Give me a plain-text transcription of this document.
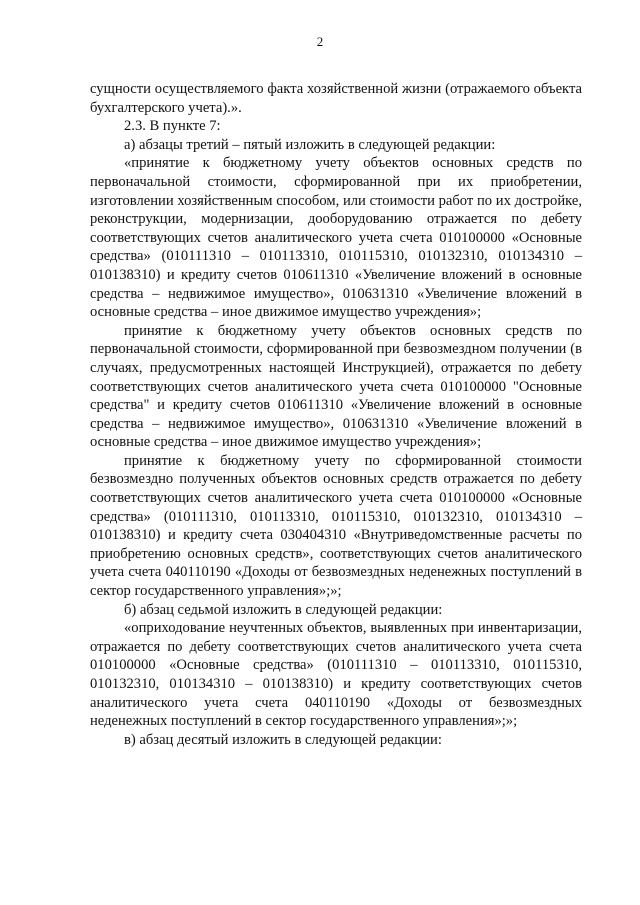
2

сущности осуществляемого факта хозяйственной жизни (отражаемого объекта бухгалтерского учета).».

2.3. В пункте 7:

а) абзацы третий – пятый изложить в следующей редакции:

«принятие к бюджетному учету объектов основных средств по первоначальной стоимости, сформированной при их приобретении, изготовлении хозяйственным способом, или стоимости работ по их достройке, реконструкции, модернизации, дооборудованию отражается по дебету соответствующих счетов аналитического учета счета 010100000 «Основные средства» (010111310 – 010113310, 010115310, 010132310, 010134310 – 010138310) и кредиту счетов 010611310 «Увеличение вложений в основные средства – недвижимое имущество», 010631310 «Увеличение вложений в основные средства – иное движимое имущество учреждения»;

принятие к бюджетному учету объектов основных средств по первоначальной стоимости, сформированной при безвозмездном получении (в случаях, предусмотренных настоящей Инструкцией), отражается по дебету соответствующих счетов аналитического учета счета 010100000 "Основные средства" и кредиту счетов 010611310 «Увеличение вложений в основные средства – недвижимое имущество», 010631310 «Увеличение вложений в основные средства – иное движимое имущество учреждения»;

принятие к бюджетному учету по сформированной стоимости безвозмездно полученных объектов основных средств отражается по дебету соответствующих счетов аналитического учета счета 010100000 «Основные средства» (010111310, 010113310, 010115310, 010132310, 010134310 – 010138310) и кредиту счета 030404310 «Внутриведомственные расчеты по приобретению основных средств», соответствующих счетов аналитического учета счета 040110190 «Доходы от безвозмездных неденежных поступлений в сектор государственного управления»;»;

б) абзац седьмой изложить в следующей редакции:

«оприходование неучтенных объектов, выявленных при инвентаризации, отражается по дебету соответствующих счетов аналитического учета счета 010100000 «Основные средства» (010111310 – 010113310, 010115310, 010132310, 010134310 – 010138310) и кредиту соответствующих счетов аналитического учета счета 040110190 «Доходы от безвозмездных неденежных поступлений в сектор государственного управления»;»;

в) абзац десятый изложить в следующей редакции:
